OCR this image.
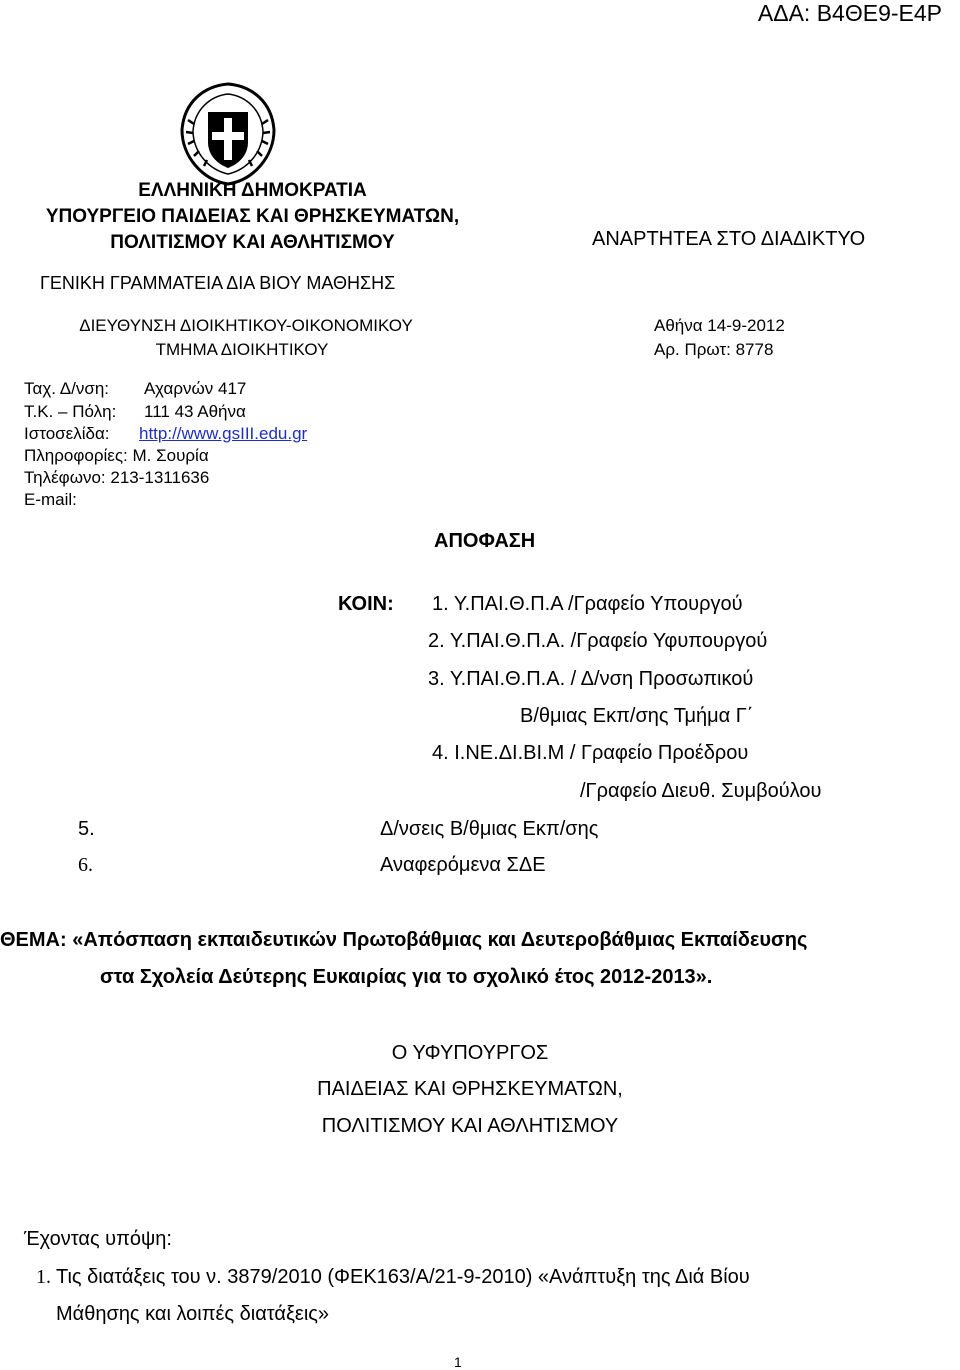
ΑΔΑ: Β4ΘΕ9-Ε4Ρ
ΕΛΛΗΝΙΚΗ ΔΗΜΟΚΡΑΤΙΑ
ΥΠΟΥΡΓΕΙΟ ΠΑΙΔΕΙΑΣ ΚΑΙ ΘΡΗΣΚΕΥΜΑΤΩΝ,
ΠΟΛΙΤΙΣΜΟΥ ΚΑΙ ΑΘΛΗΤΙΣΜΟΥ	ΑΝΑΡΤΗΤΕΑ ΣΤΟ ΔΙΑΔΙΚΤΥΟ
ΓΕΝΙΚΗ ΓΡΑΜΜΑΤΕΙΑ ΔΙΑ ΒΙΟΥ ΜΑΘΗΣΗΣ
ΔΙΕΥΘΥΝΣΗ ΔΙΟΙΚΗΤΙΚΟΥ-ΟΙΚΟΝΟΜΙΚΟΥ
ΤΜΗΜΑ ΔΙΟΙΚΗΤΙΚΟΥ
Αθήνα 14-9-2012
Αρ. Πρωτ: 8778
Ταχ. Δ/νση: Αχαρνών 417
Τ.Κ. – Πόλη: 111 43 Αθήνα
Ιστοσελίδα: http://www.gsIII.edu.gr
Πληροφορίες: Μ. Σουρία
Τηλέφωνο: 213-1311636
E-mail:
ΑΠΟΦΑΣΗ
ΚΟΙΝ: 1. Υ.ΠΑΙ.Θ.Π.Α /Γραφείο Υπουργού
2. Υ.ΠΑΙ.Θ.Π.Α. /Γραφείο Υφυπουργού
3. Υ.ΠΑΙ.Θ.Π.Α. / Δ/νση Προσωπικού
Β/θμιας Εκπ/σης Τμήμα Γ΄
4. Ι.ΝΕ.ΔΙ.ΒΙ.Μ / Γραφείο Προέδρου
/Γραφείο Διευθ. Συμβούλου
5.	Δ/νσεις Β/θμιας Εκπ/σης
6.	Αναφερόμενα ΣΔΕ
ΘΕΜΑ: «Απόσπαση εκπαιδευτικών Πρωτοβάθμιας και Δευτεροβάθμιας Εκπαίδευσης
στα Σχολεία Δεύτερης Ευκαιρίας για το σχολικό έτος 2012-2013».
Ο ΥΦΥΠΟΥΡΓΟΣ
ΠΑΙΔΕΙΑΣ ΚΑΙ ΘΡΗΣΚΕΥΜΑΤΩΝ,
ΠΟΛΙΤΙΣΜΟΥ ΚΑΙ ΑΘΛΗΤΙΣΜΟΥ
Έχοντας υπόψη:
1. Τις διατάξεις του ν. 3879/2010 (ΦΕΚ163/Α/21-9-2010) «Ανάπτυξη της Διά Βίου
Μάθησης και λοιπές διατάξεις»
1
